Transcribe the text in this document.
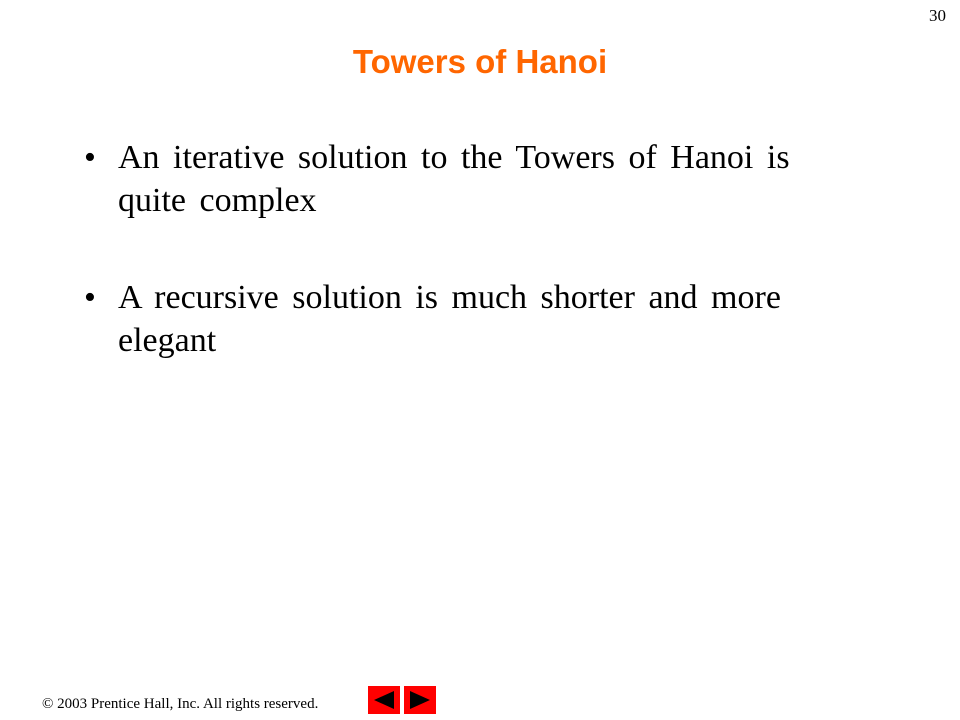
30
Towers of Hanoi
• An iterative solution to the Towers of Hanoi is quite complex
• A recursive solution is much shorter and more elegant
© 2003 Prentice Hall, Inc. All rights reserved.
